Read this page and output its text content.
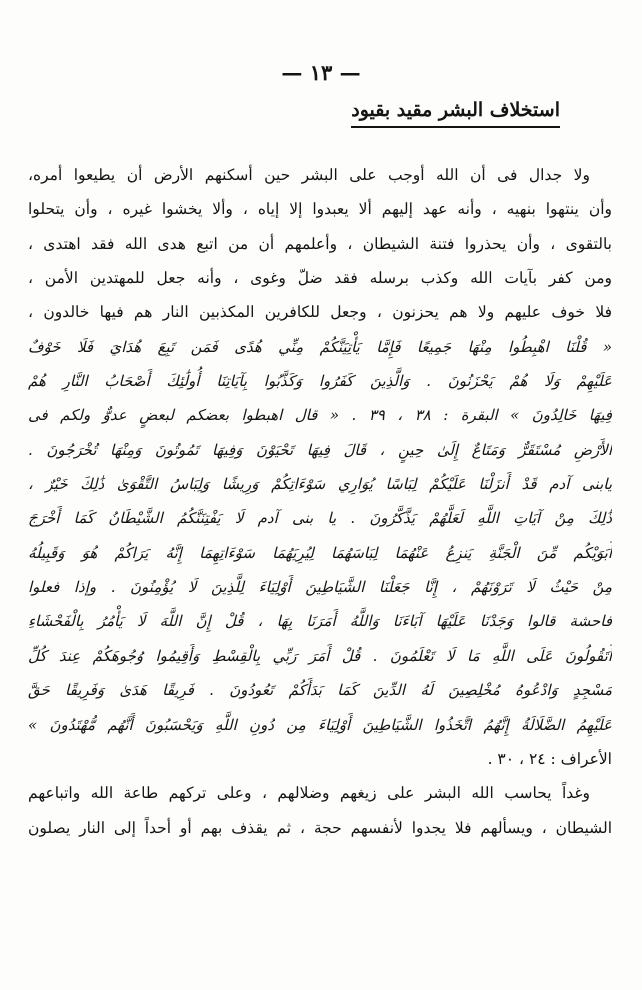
— ١٣ —
استخلاف البشر مقيد بقيود
ولا جدال فى أن الله أوجب على البشر حين أسكنهم الأرض أن يطيعوا أمره،
وأن ينتهوا بنهيه ، وأنه عهد إليهم ألا يعبدوا إلا إياه ، وألا يخشوا غيره ، وأن يتحلوا
بالتقوى ، وأن يحذروا فتنة الشيطان ، وأعلمهم أن من اتبع هدى الله فقد اهتدى ،
ومن كفر بآيات الله وكذب برسله فقد ضلّ وغوى ، وأنه جعل للمهتدين الأمن ،
فلا خوف عليهم ولا هم يحزنون ، وجعل للكافرين المكذبين النار هم فيها خالدون ،
« قُلْنَا اهْبِطُوا مِنْهَا جَمِيعًا فَإِمَّا يَأْتِيَنَّكُمْ مِنِّي هُدًى فَمَن تَبِعَ هُدَايَ فَلَا خَوْفٌ
عَلَيْهِمْ وَلَا هُمْ يَحْزَنُونَ . وَالَّذِينَ كَفَرُوا وَكَذَّبُوا بِآيَاتِنَا أُولَٰئِكَ أَصْحَابُ النَّارِ هُمْ
فِيهَا خَالِدُونَ » البقرة : ٣٨ ، ٣٩ . « قال اهبطوا بعضكم لبعضٍ عدوٌّ ولكم فى
الأَرْضِ مُسْتَقَرٌّ وَمَتَاعٌ إِلَىٰ حِينٍ ، قَالَ فِيهَا تَحْيَوْنَ وَفِيهَا تَمُوتُونَ وَمِنْهَا تُخْرَجُونَ .
يابنى آدم قَدْ أَنزَلْنَا عَلَيْكُمْ لِبَاسًا يُوَارِي سَوْءَاتِكُمْ وَرِيشًا وَلِبَاسُ التَّقْوَىٰ ذَٰلِكَ خَيْرٌ ،
ذَٰلِكَ مِنْ آيَاتِ اللَّهِ لَعَلَّهُمْ يَذَّكَّرُونَ . يا بنى آدم لَا يَفْتِنَنَّكُمُ الشَّيْطَانُ كَمَا أَخْرَجَ
أَبَوَيْكُم مِّنَ الْجَنَّةِ يَنزِعُ عَنْهُمَا لِبَاسَهُمَا لِيُرِيَهُمَا سَوْءَاتِهِمَا إِنَّهُ يَرَاكُمْ هُوَ وَقَبِيلُهُ
مِنْ حَيْثُ لَا تَرَوْنَهُمْ ، إِنَّا جَعَلْنَا الشَّيَاطِينَ أَوْلِيَاءَ لِلَّذِينَ لَا يُؤْمِنُونَ . وإذا فعلوا
فاحشة قالوا وَجَدْنَا عَلَيْهَا آبَاءَنَا وَاللَّهُ أَمَرَنَا بِهَا ، قُلْ إِنَّ اللَّهَ لَا يَأْمُرُ بِالْفَحْشَاءِ
أَتَقُولُونَ عَلَى اللَّهِ مَا لَا تَعْلَمُونَ . قُلْ أَمَرَ رَبِّي بِالْقِسْطِ وَأَقِيمُوا وُجُوهَكُمْ عِندَ كُلِّ
مَسْجِدٍ وَادْعُوهُ مُخْلِصِينَ لَهُ الدِّينَ كَمَا بَدَأَكُمْ تَعُودُونَ . فَرِيقًا هَدَىٰ وَفَرِيقًا حَقَّ
عَلَيْهِمُ الضَّلَالَةُ إِنَّهُمُ اتَّخَذُوا الشَّيَاطِينَ أَوْلِيَاءَ مِن دُونِ اللَّهِ وَيَحْسَبُونَ أَنَّهُم مُّهْتَدُونَ »
الأعراف : ٢٤ ، ٣٠ .
وغداً يحاسب الله البشر على زيغهم وضلالهم ، وعلى تركهم طاعة الله واتباعهم
الشيطان ، ويسألهم فلا يجدوا لأنفسهم حجة ، ثم يقذف بهم أو أحداً إلى النار يصلون
